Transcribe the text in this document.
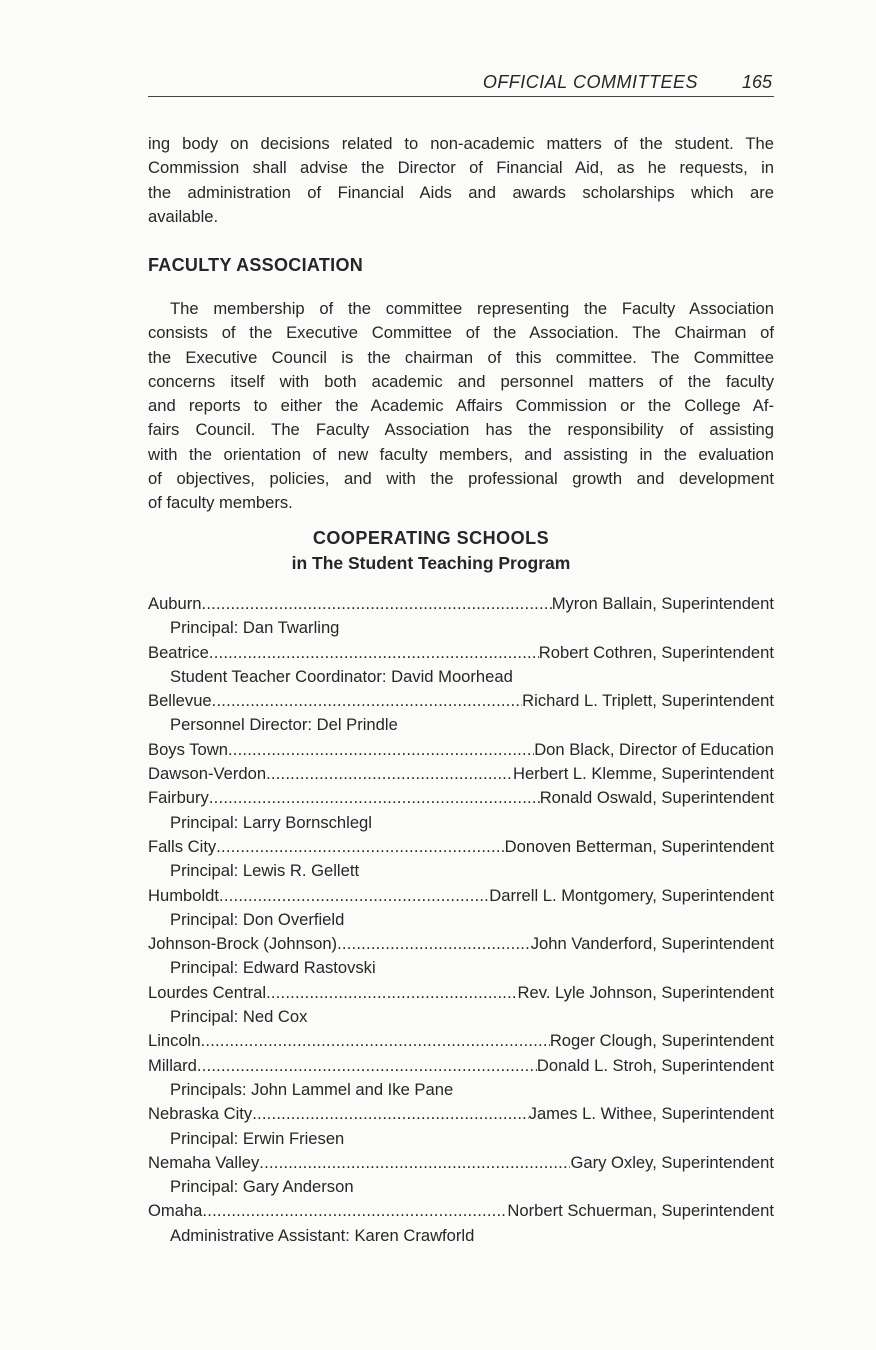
OFFICIAL COMMITTEES 165
ing body on decisions related to non-academic matters of the student. The
Commission shall advise the Director of Financial Aid, as he requests, in
the administration of Financial Aids and awards scholarships which are
available.
FACULTY ASSOCIATION
The membership of the committee representing the Faculty Association
consists of the Executive Committee of the Association. The Chairman of
the Executive Council is the chairman of this committee. The Committee
concerns itself with both academic and personnel matters of the faculty
and reports to either the Academic Affairs Commission or the College Af-
fairs Council. The Faculty Association has the responsibility of assisting
with the orientation of new faculty members, and assisting in the evaluation
of objectives, policies, and with the professional growth and development
of faculty members.
COOPERATING SCHOOLS
in The Student Teaching Program
Auburn . . .	Myron Ballain, Superintendent
Principal: Dan Twarling
Beatrice . . .	Robert Cothren, Superintendent
Student Teacher Coordinator: David Moorhead
Bellevue . . .	Richard L. Triplett, Superintendent
Personnel Director: Del Prindle
Boys Town . . .	Don Black, Director of Education
Dawson-Verdon . . .	Herbert L. Klemme, Superintendent
Fairbury . . .	Ronald Oswald, Superintendent
Principal: Larry Bornschlegl
Falls City . . .	Donoven Betterman, Superintendent
Principal: Lewis R. Gellett
Humboldt . . .	Darrell L. Montgomery, Superintendent
Principal: Don Overfield
Johnson-Brock (Johnson) . . .	John Vanderford, Superintendent
Principal: Edward Rastovski
Lourdes Central . . .	Rev. Lyle Johnson, Superintendent
Principal: Ned Cox
Lincoln . . .	Roger Clough, Superintendent
Millard . . .	Donald L. Stroh, Superintendent
Principals: John Lammel and Ike Pane
Nebraska City . . .	James L. Withee, Superintendent
Principal: Erwin Friesen
Nemaha Valley . . .	Gary Oxley, Superintendent
Principal: Gary Anderson
Omaha . . .	Norbert Schuerman, Superintendent
Administrative Assistant: Karen Crawforld
